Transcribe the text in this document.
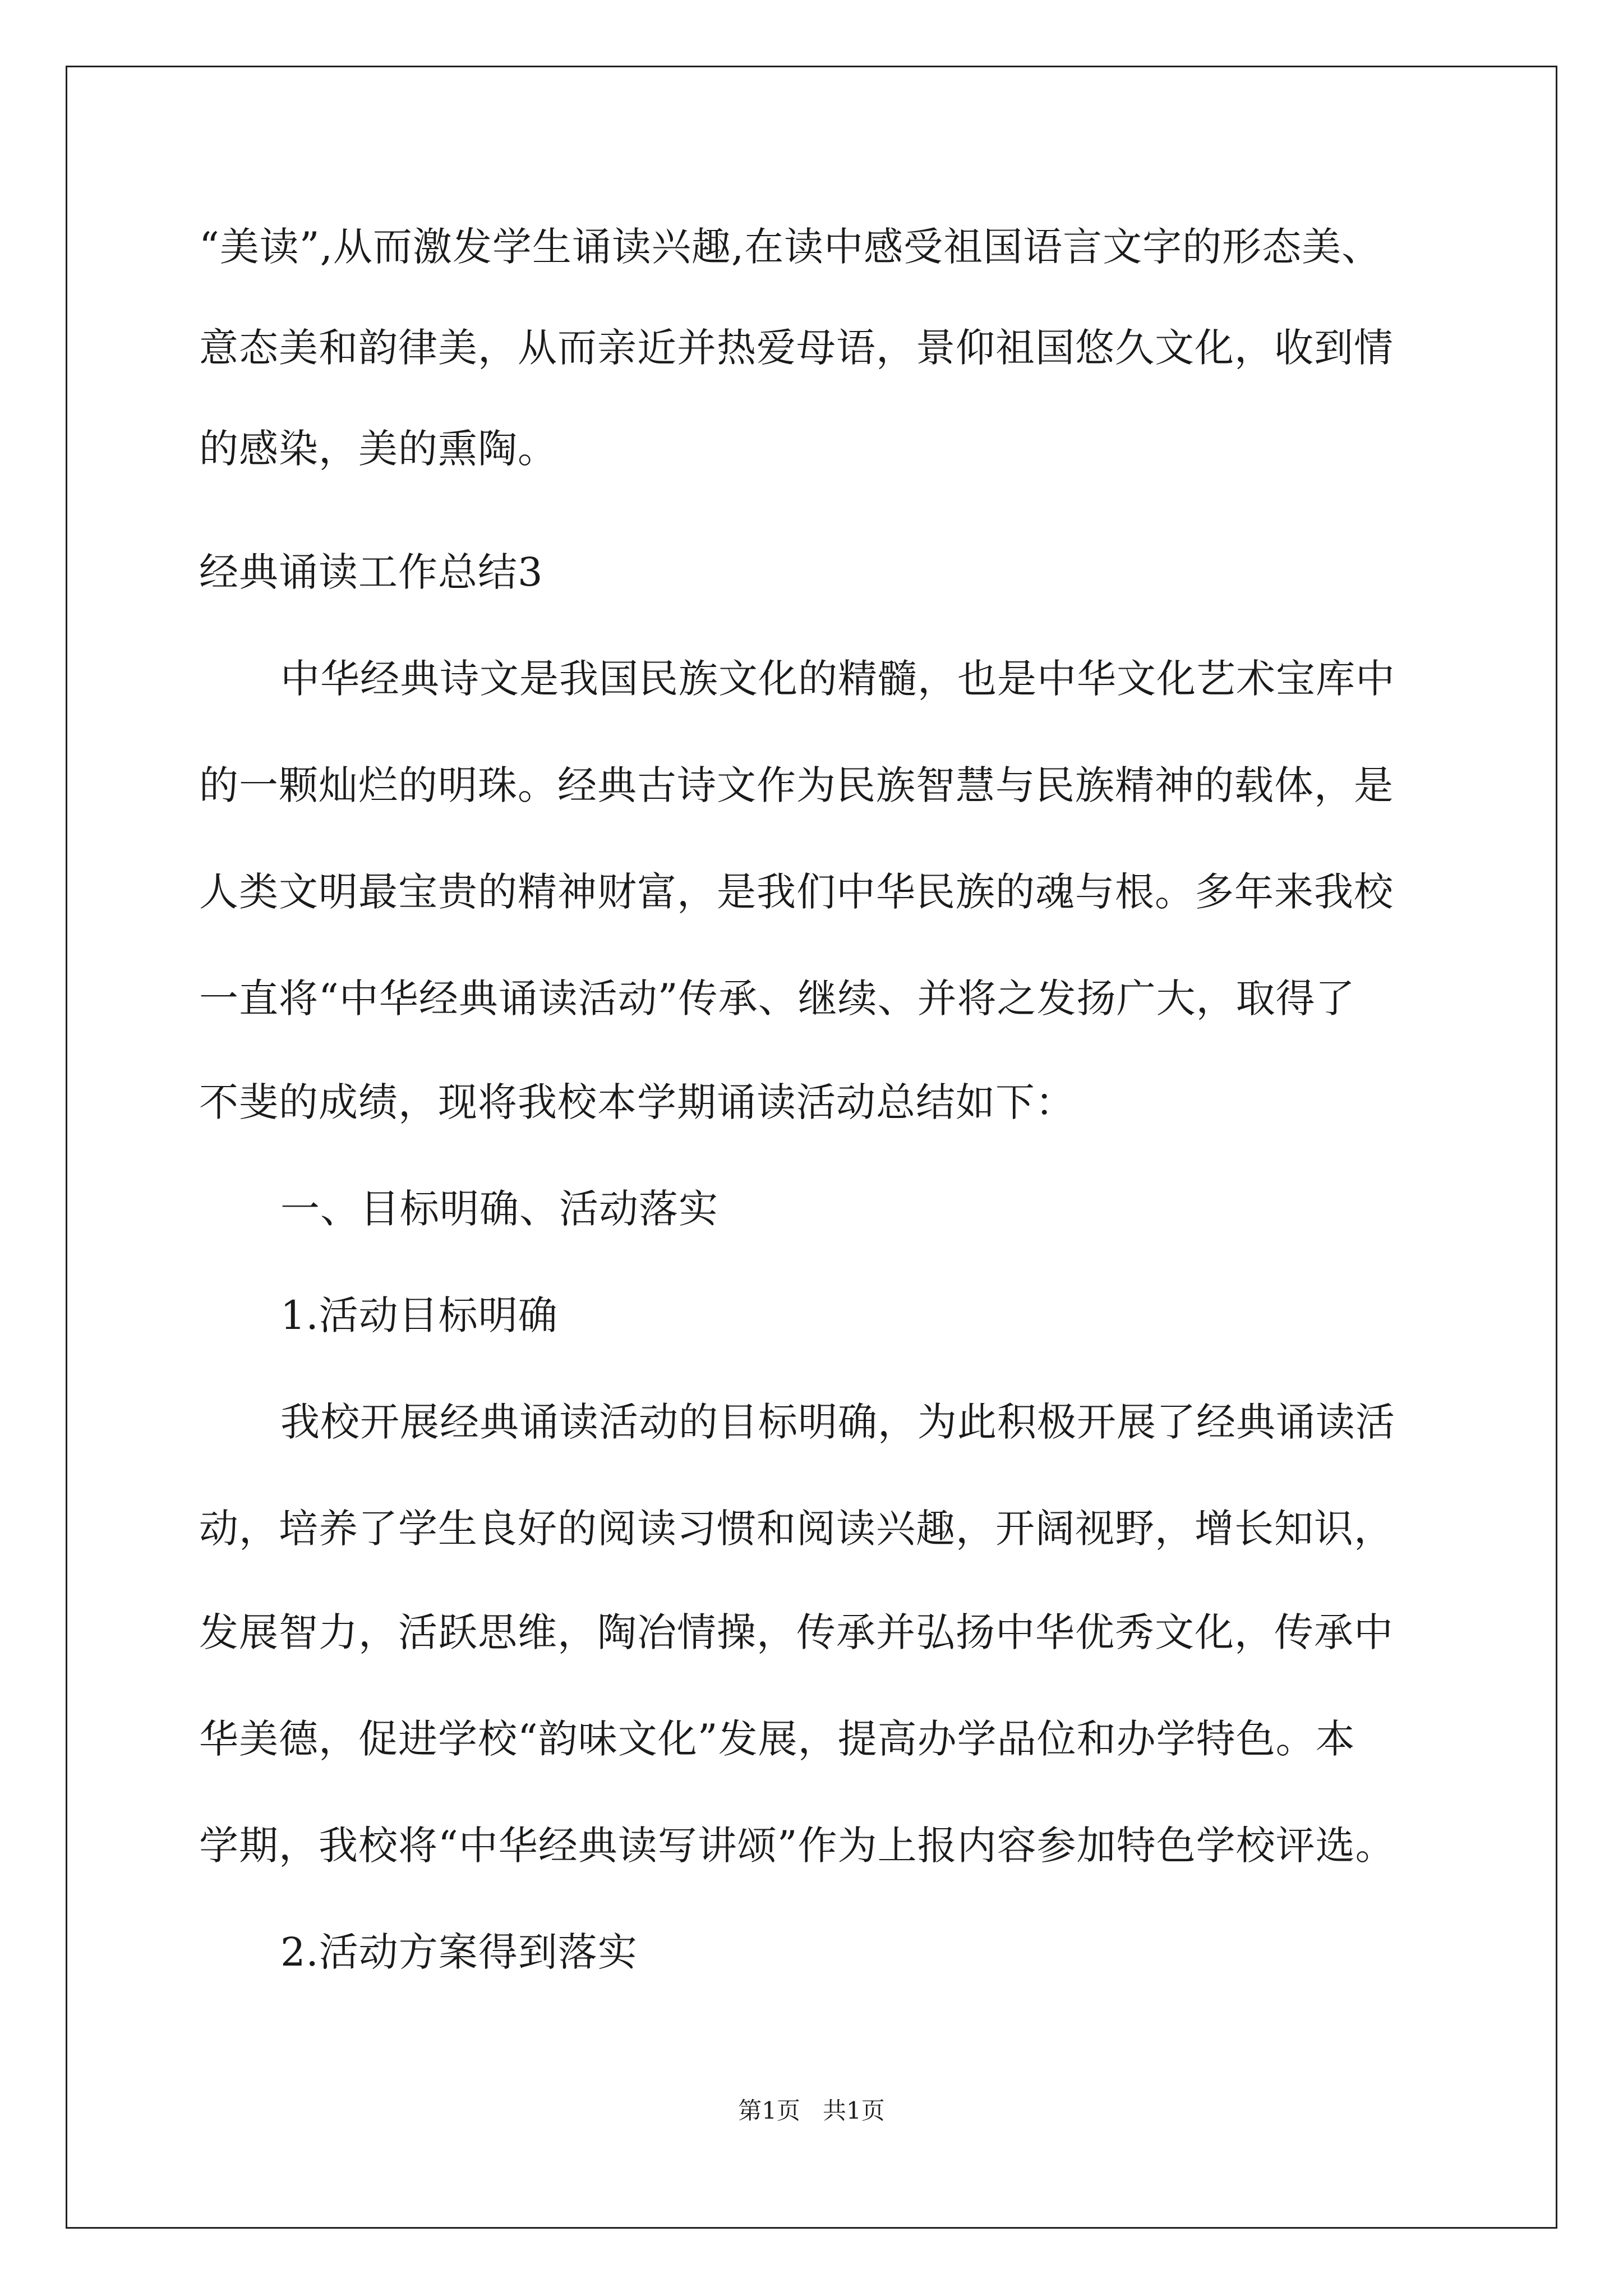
“美读”,从而激发学生诵读兴趣,在读中感受祖国语言文字的形态美、
意态美和韵律美，从而亲近并热爱母语，景仰祖国悠久文化，收到情
的感染，美的熏陶。
经典诵读工作总结3
中华经典诗文是我国民族文化的精髓，也是中华文化艺术宝库中
的一颗灿烂的明珠。经典古诗文作为民族智慧与民族精神的载体，是
人类文明最宝贵的精神财富，是我们中华民族的魂与根。多年来我校
一直将“中华经典诵读活动”传承、继续、并将之发扬广大，取得了
不斐的成绩，现将我校本学期诵读活动总结如下：
一、目标明确、活动落实
1.活动目标明确
我校开展经典诵读活动的目标明确，为此积极开展了经典诵读活
动，培养了学生良好的阅读习惯和阅读兴趣，开阔视野，增长知识，
发展智力，活跃思维，陶冶情操，传承并弘扬中华优秀文化，传承中
华美德，促进学校“韵味文化”发展，提高办学品位和办学特色。本
学期，我校将“中华经典读写讲颂”作为上报内容参加特色学校评选。
2.活动方案得到落实
第1页   共1页
